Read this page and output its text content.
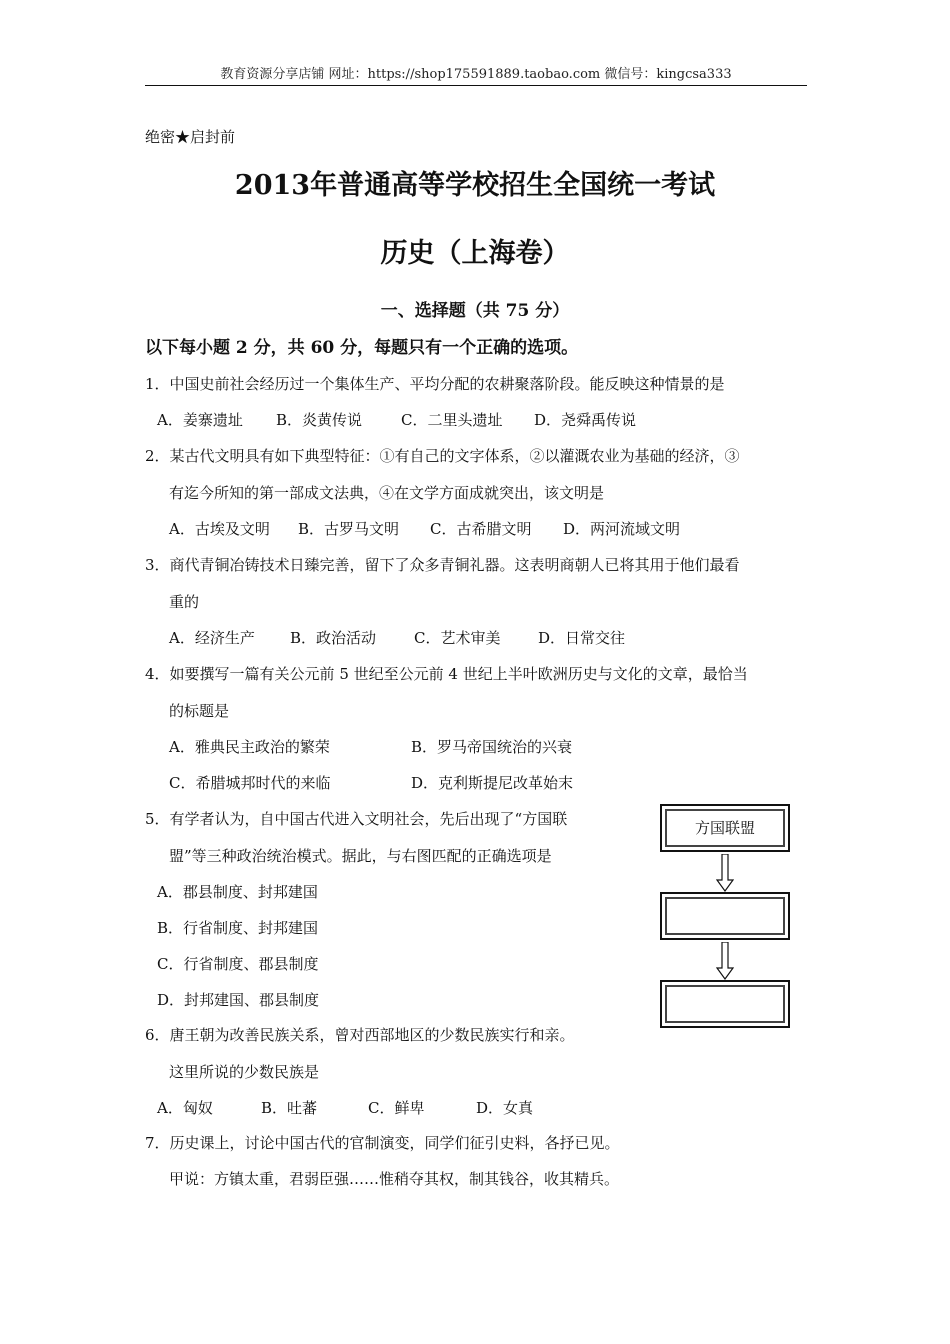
教育资源分享店铺 网址：https://shop175591889.taobao.com 微信号：kingcsa333
绝密★启封前
2013年普通高等学校招生全国统一考试
历史（上海卷）
一、选择题（共 75 分）
以下每小题 2 分，共 60 分，每题只有一个正确的选项。
1．中国史前社会经历过一个集体生产、平均分配的农耕聚落阶段。能反映这种情景的是
A．姜寨遗址 B．炎黄传说	C．二里头遗址 D．尧舜禹传说
2．某古代文明具有如下典型特征：①有自己的文字体系，②以灌溉农业为基础的经济，③
有迄今所知的第一部成文法典，④在文学方面成就突出，该文明是
A．古埃及文明 B．古罗马文明 C．古希腊文明 D．两河流域文明
3．商代青铜冶铸技术日臻完善，留下了众多青铜礼器。这表明商朝人已将其用于他们最看
重的
A．经济生产 B．政治活动	C．艺术审美	D．日常交往
4．如要撰写一篇有关公元前 5 世纪至公元前 4 世纪上半叶欧洲历史与文化的文章，最恰当
的标题是
A．雅典民主政治的繁荣	B．罗马帝国统治的兴衰
C．希腊城邦时代的来临	D．克利斯提尼改革始末
5．有学者认为，自中国古代进入文明社会，先后出现了“方国联
盟”等三种政治统治模式。据此，与右图匹配的正确选项是
A．郡县制度、封邦建国
B．行省制度、封邦建国
C．行省制度、郡县制度
D．封邦建国、郡县制度
方国联盟
6．唐王朝为改善民族关系，曾对西部地区的少数民族实行和亲。
这里所说的少数民族是
A．匈奴	B．吐蕃	C．鲜卑	D．女真
7．历史课上，讨论中国古代的官制演变，同学们征引史料，各抒已见。
甲说：方镇太重，君弱臣强……惟稍夺其权，制其钱谷，收其精兵。
